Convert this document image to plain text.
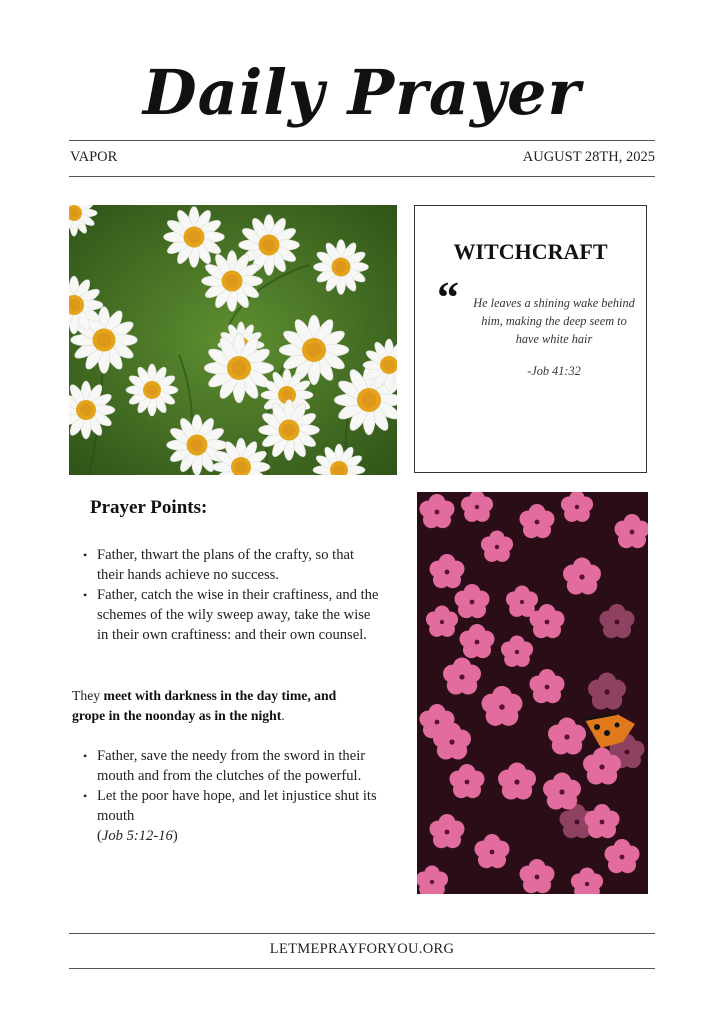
Daily Prayer
VAPOR	AUGUST 28TH, 2025
WITCHCRAFT
“ He leaves a shining wake behind him, making the deep seem to have white hair
-Job 41:32
Prayer Points:
• Father, thwart the plans of the crafty, so that their hands achieve no success.
• Father, catch the wise in their craftiness, and the schemes of the wily sweep away, take the wise in their own craftiness: and their own counsel.
They meet with darkness in the day time, and grope in the noonday as in the night.
• Father, save the needy from the sword in their mouth and from the clutches of the powerful.
• Let the poor have hope, and let injustice shut its mouth
(Job 5:12-16)
LETMEPRAYFORYOU.ORG
